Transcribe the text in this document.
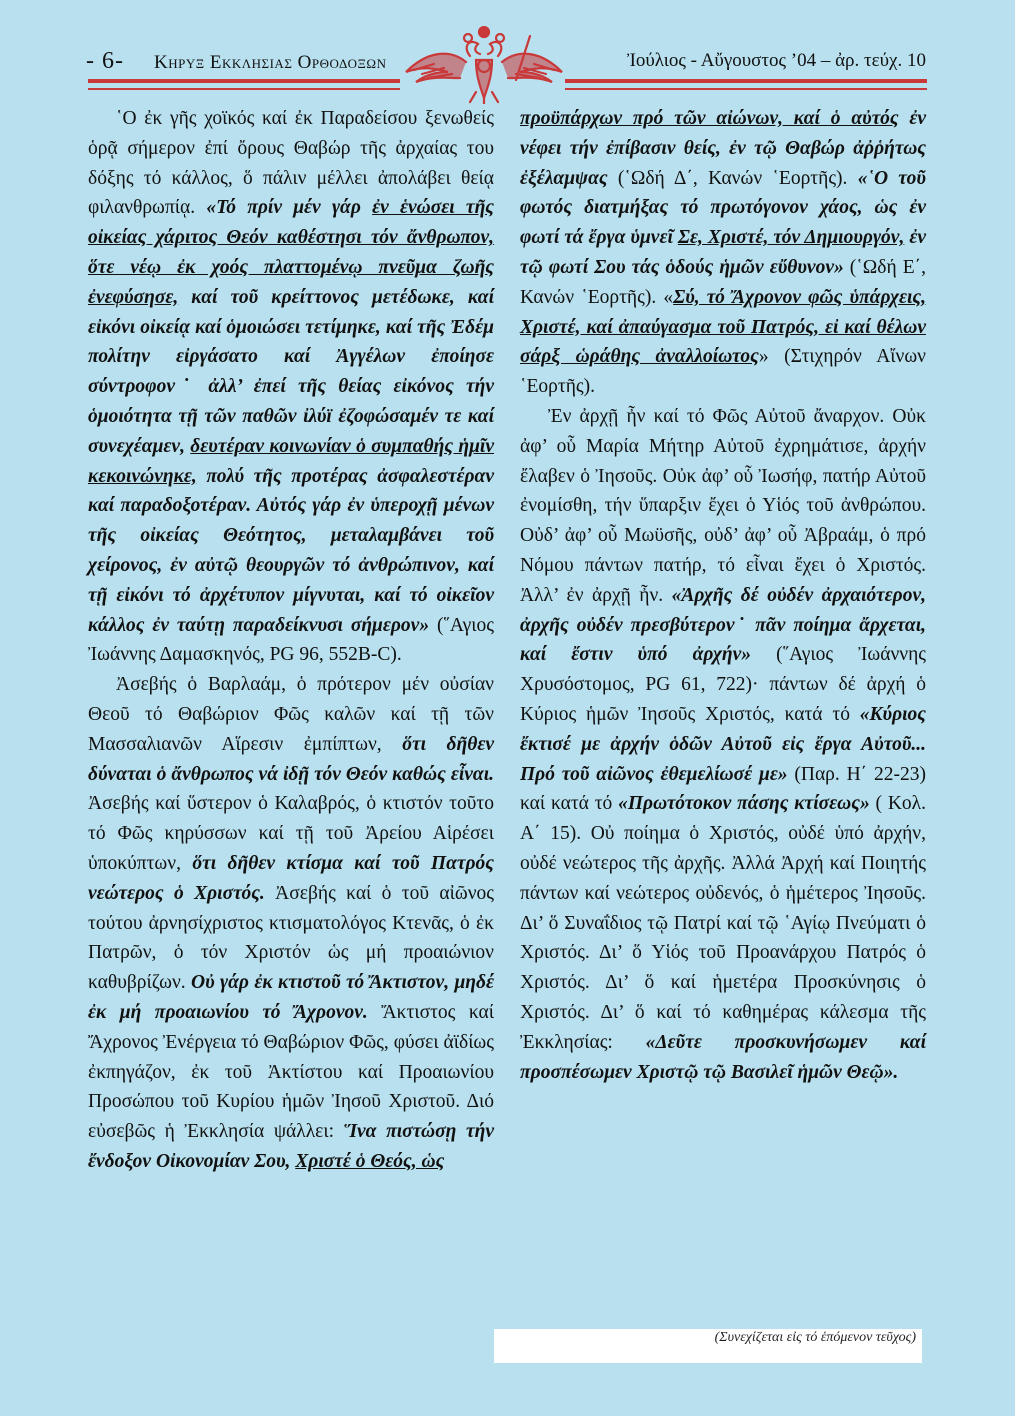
- 6- Κηρυξ Εκκλησιας Ορθοδοξων	Ἰούλιος - Αὔγουστος ’04 – ἀρ. τεύχ. 10

῾Ο ἐκ γῆς χοϊκός καί ἐκ Παραδείσου ξενωθείς ὁρᾷ σήμερον ἐπί ὄρους Θαβώρ τῆς ἀρχαίας του δόξης τό κάλλος, ὅ πάλιν μέλλει ἀπολάβει θείᾳ φιλανθρωπίᾳ. «Τό πρίν μέν γάρ ἐν ἑνώσει τῆς οἰκείας χάριτος Θεόν καθέστησι τόν ἄνθρωπον, ὅτε νέῳ ἐκ χοός πλαττομένῳ πνεῦμα ζωῆς ἐνεφύσησε, καί τοῦ κρείττονος μετέδωκε, καί εἰκόνι οἰκείᾳ καί ὁμοιώσει τετίμηκε, καί τῆς Ἐδέμ πολίτην εἰργάσατο καί Ἀγγέλων ἐποίησε σύντροφον˙ ἀλλ’ ἐπεί τῆς θείας εἰκόνος τήν ὁμοιότητα τῇ τῶν παθῶν ἰλύϊ ἐζοφώσαμέν τε καί συνεχέαμεν, δευτέραν κοινωνίαν ὁ συμπαθής ἡμῖν κεκοινώνηκε, πολύ τῆς προτέρας ἀσφαλεστέραν καί παραδοξοτέραν. Αὐτός γάρ ἐν ὑπεροχῇ μένων τῆς οἰκείας Θεότητος, μεταλαμβάνει τοῦ χείρονος, ἐν αὐτῷ θεουργῶν τό ἀνθρώπινον, καί τῇ εἰκόνι τό ἀρχέτυπον μίγνυται, καί τό οἰκεῖον κάλλος ἐν ταύτῃ παραδείκνυσι σήμερον» (῞Αγιος Ἰωάννης Δαμασκηνός, PG 96, 552B-C).

Ἀσεβής ὁ Βαρλαάμ, ὁ πρότερον μέν οὐσίαν Θεοῦ τό Θαβώριον Φῶς καλῶν καί τῇ τῶν Μασσαλιανῶν Αἵρεσιν ἐμπίπτων, ὅτι δῆθεν δύναται ὁ ἄνθρωπος νά ἰδῇ τόν Θεόν καθώς εἶναι. Ἀσεβής καί ὕστερον ὁ Καλαβρός, ὁ κτιστόν τοῦτο τό Φῶς κηρύσσων καί τῇ τοῦ Ἀρείου Αἱρέσει ὑποκύπτων, ὅτι δῆθεν κτίσμα καί τοῦ Πατρός νεώτερος ὁ Χριστός. Ἀσεβής καί ὁ τοῦ αἰῶνος τούτου ἀρνησίχριστος κτισματολόγος Κτενᾶς, ὁ ἐκ Πατρῶν, ὁ τόν Χριστόν ὡς μή προαιώνιον καθυβρίζων. Οὐ γάρ ἐκ κτιστοῦ τό Ἄκτιστον, μηδέ ἐκ μή προαιωνίου τό Ἄχρονον. Ἄκτιστος καί Ἄχρονος Ἐνέργεια τό Θαβώριον Φῶς, φύσει ἀϊδίως ἐκπηγάζον, ἐκ τοῦ Ἀκτίστου καί Προαιωνίου Προσώπου τοῦ Κυρίου ἡμῶν Ἰησοῦ Χριστοῦ. Διό εὐσεβῶς ἡ Ἐκκλησία ψάλλει: Ἵνα πιστώσῃ τήν ἔνδοξον Οἰκονομίαν Σου, Χριστέ ὁ Θεός, ὡς

προϋπάρχων πρό τῶν αἰώνων, καί ὁ αὐτός ἐν νέφει τήν ἐπίβασιν θείς, ἐν τῷ Θαβώρ ἀῤῥήτως ἐξέλαμψας (῾Ωδή Δ΄, Κανών ῾Εορτῆς). «῾Ο τοῦ φωτός διατμήξας τό πρωτόγονον χάος, ὡς ἐν φωτί τά ἔργα ὑμνεῖ Σε, Χριστέ, τόν Δημιουργόν, ἐν τῷ φωτί Σου τάς ὁδούς ἡμῶν εὔθυνον» (῾Ωδή Ε΄, Κανών ῾Εορτῆς). «Σύ, τό Ἄχρονον φῶς ὑπάρχεις, Χριστέ, καί ἀπαύγασμα τοῦ Πατρός, εἰ καί θέλων σάρξ ὡράθης ἀναλλοίωτος» (Στιχηρόν Αἴνων ῾Εορτῆς).

Ἐν ἀρχῇ ἦν καί τό Φῶς Αὐτοῦ ἄναρχον. Οὐκ ἀφ’ οὗ Μαρία Μήτηρ Αὐτοῦ ἐχρημάτισε, ἀρχήν ἔλαβεν ὁ Ἰησοῦς. Οὐκ ἀφ’ οὗ Ἰωσήφ, πατήρ Αὐτοῦ ἐνομίσθη, τήν ὕπαρξιν ἔχει ὁ Υἱός τοῦ ἀνθρώπου. Οὐδ’ ἀφ’ οὗ Μωϋσῆς, οὐδ’ ἀφ’ οὗ Ἀβραάμ, ὁ πρό Νόμου πάντων πατήρ, τό εἶναι ἔχει ὁ Χριστός. Ἀλλ’ ἐν ἀρχῇ ἦν. «Ἀρχῆς δέ οὐδέν ἀρχαιότερον, ἀρχῆς οὐδέν πρεσβύτερον˙ πᾶν ποίημα ἄρχεται, καί ἔστιν ὑπό ἀρχήν» (῞Αγιος Ἰωάννης Χρυσόστομος, PG 61, 722)· πάντων δέ ἀρχή ὁ Κύριος ἡμῶν Ἰησοῦς Χριστός, κατά τό «Κύριος ἔκτισέ με ἀρχήν ὁδῶν Αὐτοῦ εἰς ἔργα Αὐτοῦ... Πρό τοῦ αἰῶνος ἐθεμελίωσέ με» (Παρ. Η΄ 22-23) καί κατά τό «Πρωτότοκον πάσης κτίσεως» ( Κολ. Α΄ 15). Οὐ ποίημα ὁ Χριστός, οὐδέ ὑπό ἀρχήν, οὐδέ νεώτερος τῆς ἀρχῆς. Ἀλλά Ἀρχή καί Ποιητής πάντων καί νεώτερος οὐδενός, ὁ ἡμέτερος Ἰησοῦς. Δι’ ὅ Συναΐδιος τῷ Πατρί καί τῷ ῾Αγίῳ Πνεύματι ὁ Χριστός. Δι’ ὅ Υἱός τοῦ Προανάρχου Πατρός ὁ Χριστός. Δι’ ὅ καί ἡμετέρα Προσκύνησις ὁ Χριστός. Δι’ ὅ καί τό καθημέρας κάλεσμα τῆς Ἐκκλησίας: «Δεῦτε προσκυνήσωμεν καί προσπέσωμεν Χριστῷ τῷ Βασιλεῖ ἡμῶν Θεῷ».

(Συνεχίζεται εἰς τό ἑπόμενον τεῦχος)
